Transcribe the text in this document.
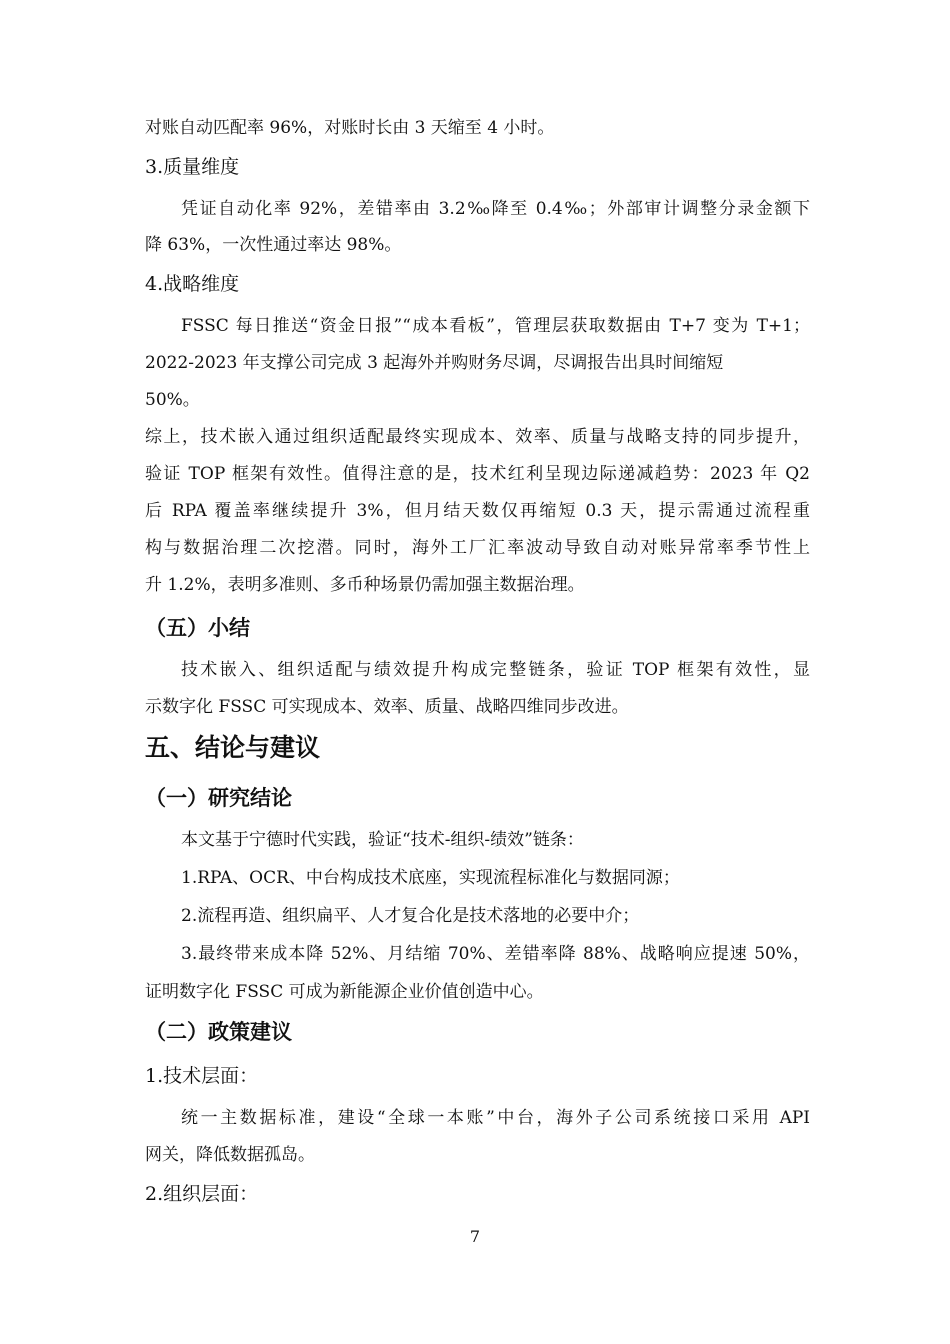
对账自动匹配率 96%，对账时长由 3 天缩至 4 小时。

3.质量维度

凭证自动化率 92%，差错率由 3.2‰降至 0.4‰；外部审计调整分录金额下

降 63%，一次性通过率达 98%。

4.战略维度

FSSC 每日推送“资金日报”“成本看板”，管理层获取数据由 T+7 变为 T+1；

2022-2023 年支撑公司完成 3 起海外并购财务尽调，尽调报告出具时间缩短

50%。

综上，技术嵌入通过组织适配最终实现成本、效率、质量与战略支持的同步提升，

验证 TOP 框架有效性。值得注意的是，技术红利呈现边际递减趋势：2023 年 Q2

后 RPA 覆盖率继续提升 3%，但月结天数仅再缩短 0.3 天，提示需通过流程重

构与数据治理二次挖潜。同时，海外工厂汇率波动导致自动对账异常率季节性上

升 1.2%，表明多准则、多币种场景仍需加强主数据治理。

（五）小结

技术嵌入、组织适配与绩效提升构成完整链条，验证 TOP 框架有效性，显

示数字化 FSSC 可实现成本、效率、质量、战略四维同步改进。

五、结论与建议

（一）研究结论

本文基于宁德时代实践，验证“技术-组织-绩效”链条：

1.RPA、OCR、中台构成技术底座，实现流程标准化与数据同源；

2.流程再造、组织扁平、人才复合化是技术落地的必要中介；

3.最终带来成本降 52%、月结缩 70%、差错率降 88%、战略响应提速 50%，

证明数字化 FSSC 可成为新能源企业价值创造中心。

（二）政策建议

1.技术层面：

统一主数据标准，建设“全球一本账”中台，海外子公司系统接口采用 API

网关，降低数据孤岛。

2.组织层面：

7
